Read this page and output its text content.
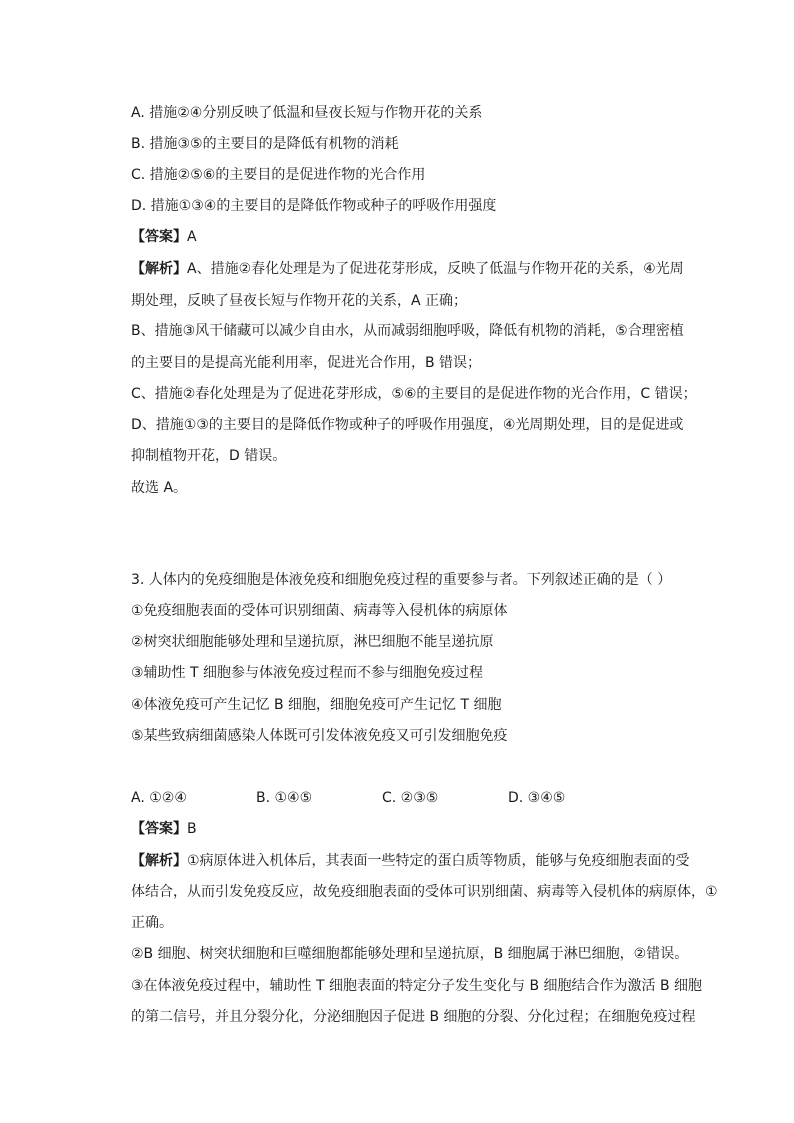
A. 措施②④分别反映了低温和昼夜长短与作物开花的关系

B. 措施③⑤的主要目的是降低有机物的消耗

C. 措施②⑤⑥的主要目的是促进作物的光合作用

D. 措施①③④的主要目的是降低作物或种子的呼吸作用强度

【答案】A

【解析】A、措施②春化处理是为了促进花芽形成，反映了低温与作物开花的关系，④光周

期处理，反映了昼夜长短与作物开花的关系，A 正确；

B、措施③风干储藏可以减少自由水，从而减弱细胞呼吸，降低有机物的消耗，⑤合理密植

的主要目的是提高光能利用率，促进光合作用，B 错误；

C、措施②春化处理是为了促进花芽形成，⑤⑥的主要目的是促进作物的光合作用，C 错误；

D、措施①③的主要目的是降低作物或种子的呼吸作用强度，④光周期处理，目的是促进或

抑制植物开花，D 错误。

故选 A。

3. 人体内的免疫细胞是体液免疫和细胞免疫过程的重要参与者。下列叙述正确的是（ ）

①免疫细胞表面的受体可识别细菌、病毒等入侵机体的病原体

②树突状细胞能够处理和呈递抗原，淋巴细胞不能呈递抗原

③辅助性 T 细胞参与体液免疫过程而不参与细胞免疫过程

④体液免疫可产生记忆 B 细胞，细胞免疫可产生记忆 T 细胞

⑤某些致病细菌感染人体既可引发体液免疫又可引发细胞免疫

A. ①②④	B. ①④⑤	C. ②③⑤	D. ③④⑤

【答案】B

【解析】①病原体进入机体后，其表面一些特定的蛋白质等物质，能够与免疫细胞表面的受

体结合，从而引发免疫反应，故免疫细胞表面的受体可识别细菌、病毒等入侵机体的病原体，①

正确。

②B 细胞、树突状细胞和巨噬细胞都能够处理和呈递抗原，B 细胞属于淋巴细胞，②错误。

③在体液免疫过程中，辅助性 T 细胞表面的特定分子发生变化与 B 细胞结合作为激活 B 细胞

的第二信号，并且分裂分化，分泌细胞因子促进 B 细胞的分裂、分化过程；在细胞免疫过程
